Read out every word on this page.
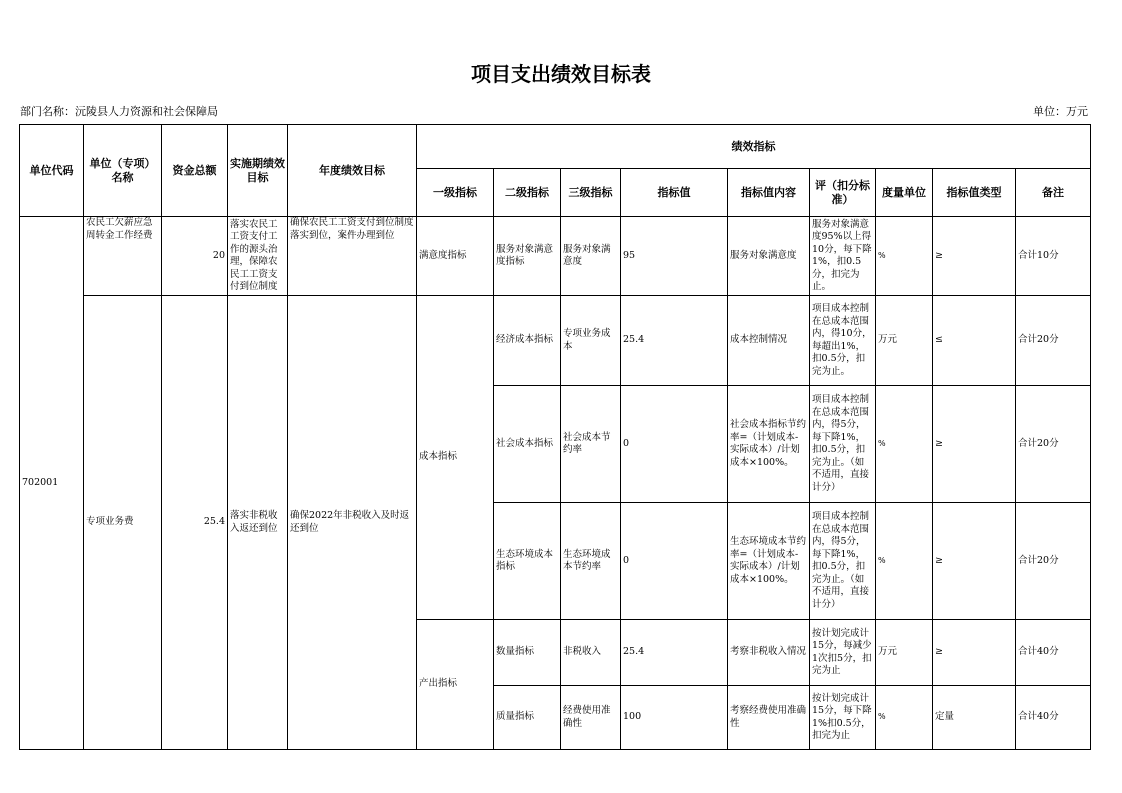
项目支出绩效目标表
部门名称：沅陵县人力资源和社会保障局	单位：万元
单位代码	单位（专项）名称	资金总额	实施期绩效目标	年度绩效目标	绩效指标								
					一级指标	二级指标	三级指标	指标值	指标值内容	评（扣分标准）	度量单位	指标值类型	备注
702001	农民工欠薪应急周转金工作经费	20	落实农民工工资支付工作的源头治理，保障农民工工资支付到位制度	确保农民工工资支付到位制度落实到位，案件办理到位	满意度指标	服务对象满意度指标	服务对象满意度	95	服务对象满意度	服务对象满意度95%以上得10分，每下降1%，扣0.5分，扣完为止。	%	≥	合计10分
	专项业务费	25.4	落实非税收入返还到位	确保2022年非税收入及时返还到位	成本指标	经济成本指标	专项业务成本	25.4	成本控制情况	项目成本控制在总成本范围内，得10分，每超出1%，扣0.5分，扣完为止。	万元	≤	合计20分
						社会成本指标	社会成本节约率	0	社会成本指标节约率=（计划成本-实际成本）/计划成本×100%。	项目成本控制在总成本范围内，得5分，每下降1%，扣0.5分，扣完为止。（如不适用，直接计分）	%	≥	合计20分
						生态环境成本指标	生态环境成本节约率	0	生态环境成本节约率=（计划成本-实际成本）/计划成本×100%。	项目成本控制在总成本范围内，得5分，每下降1%，扣0.5分，扣完为止。（如不适用，直接计分）	%	≥	合计20分
					产出指标	数量指标	非税收入	25.4	考察非税收入情况	按计划完成计15分，每减少1次扣5分，扣完为止	万元	≥	合计40分
						质量指标	经费使用准确性	100	考察经费使用准确性	按计划完成计15分，每下降1%扣0.5分，扣完为止	%	定量	合计40分
